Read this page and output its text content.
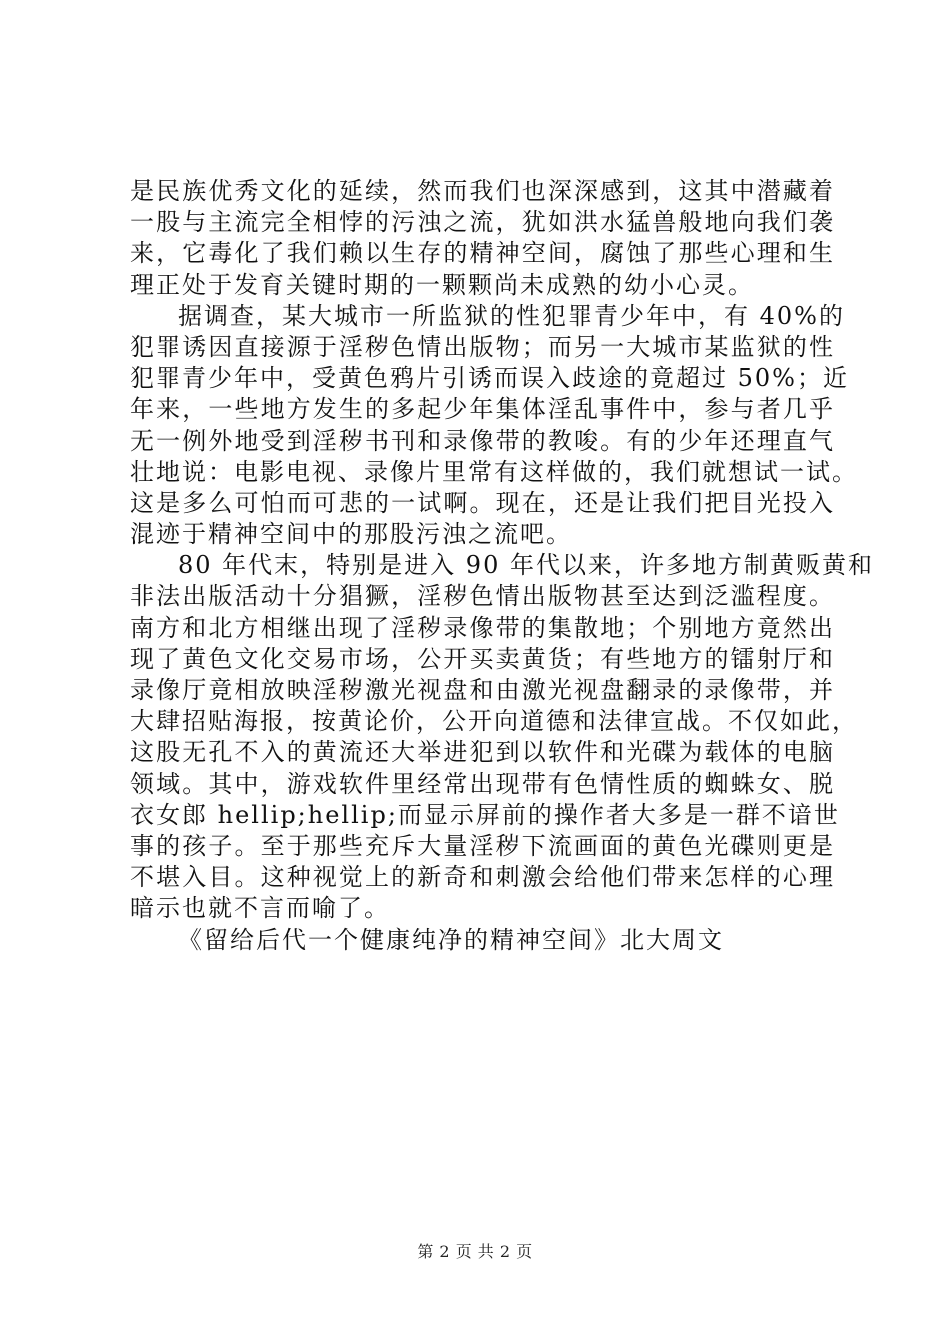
是民族优秀文化的延续，然而我们也深深感到，这其中潜藏着
一股与主流完全相悖的污浊之流，犹如洪水猛兽般地向我们袭
来，它毒化了我们赖以生存的精神空间，腐蚀了那些心理和生
理正处于发育关键时期的一颗颗尚未成熟的幼小心灵。
据调查，某大城市一所监狱的性犯罪青少年中，有 40%的
犯罪诱因直接源于淫秽色情出版物；而另一大城市某监狱的性
犯罪青少年中，受黄色鸦片引诱而误入歧途的竟超过 50%；近
年来，一些地方发生的多起少年集体淫乱事件中，参与者几乎
无一例外地受到淫秽书刊和录像带的教唆。有的少年还理直气
壮地说：电影电视、录像片里常有这样做的，我们就想试一试。
这是多么可怕而可悲的一试啊。现在，还是让我们把目光投入
混迹于精神空间中的那股污浊之流吧。
80 年代末，特别是进入 90 年代以来，许多地方制黄贩黄和
非法出版活动十分猖獗，淫秽色情出版物甚至达到泛滥程度。
南方和北方相继出现了淫秽录像带的集散地；个别地方竟然出
现了黄色文化交易市场，公开买卖黄货；有些地方的镭射厅和
录像厅竟相放映淫秽激光视盘和由激光视盘翻录的录像带，并
大肆招贴海报，按黄论价，公开向道德和法律宣战。不仅如此，
这股无孔不入的黄流还大举进犯到以软件和光碟为载体的电脑
领域。其中，游戏软件里经常出现带有色情性质的蜘蛛女、脱
衣女郎 hellip;hellip;而显示屏前的操作者大多是一群不谙世
事的孩子。至于那些充斥大量淫秽下流画面的黄色光碟则更是
不堪入目。这种视觉上的新奇和刺激会给他们带来怎样的心理
暗示也就不言而喻了。
《留给后代一个健康纯净的精神空间》北大周文
第 2 页 共 2 页
